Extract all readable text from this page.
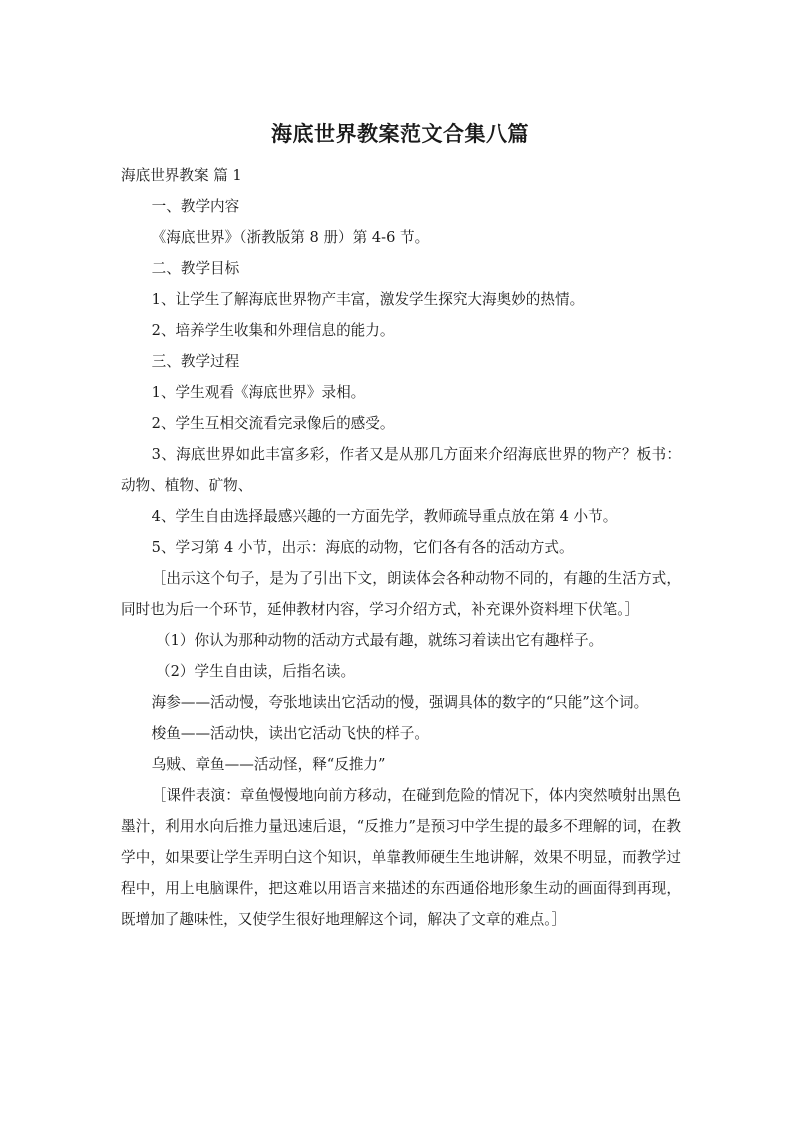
海底世界教案范文合集八篇

海底世界教案 篇 1

一、教学内容

《海底世界》（浙教版第 8 册）第 4-6 节。

二、教学目标

1、让学生了解海底世界物产丰富，激发学生探究大海奥妙的热情。

2、培养学生收集和外理信息的能力。

三、教学过程

1、学生观看《海底世界》录相。

2、学生互相交流看完录像后的感受。

3、海底世界如此丰富多彩，作者又是从那几方面来介绍海底世界的物产？板书：动物、植物、矿物、

4、学生自由选择最感兴趣的一方面先学，教师疏导重点放在第 4 小节。

5、学习第 4 小节，出示：海底的动物，它们各有各的活动方式。

［出示这个句子，是为了引出下文，朗读体会各种动物不同的，有趣的生活方式，同时也为后一个环节，延伸教材内容，学习介绍方式，补充课外资料埋下伏笔。］

（1）你认为那种动物的活动方式最有趣，就练习着读出它有趣样子。

（2）学生自由读，后指名读。

海参——活动慢，夸张地读出它活动的慢，强调具体的数字的“只能”这个词。

梭鱼——活动快，读出它活动飞快的样子。

乌贼、章鱼——活动怪，释“反推力”

［课件表演：章鱼慢慢地向前方移动，在碰到危险的情况下，体内突然喷射出黑色墨汁，利用水向后推力量迅速后退，“反推力”是预习中学生提的最多不理解的词，在教学中，如果要让学生弄明白这个知识，单靠教师硬生生地讲解，效果不明显，而教学过程中，用上电脑课件，把这难以用语言来描述的东西通俗地形象生动的画面得到再现，既增加了趣味性，又使学生很好地理解这个词，解决了文章的难点。］
